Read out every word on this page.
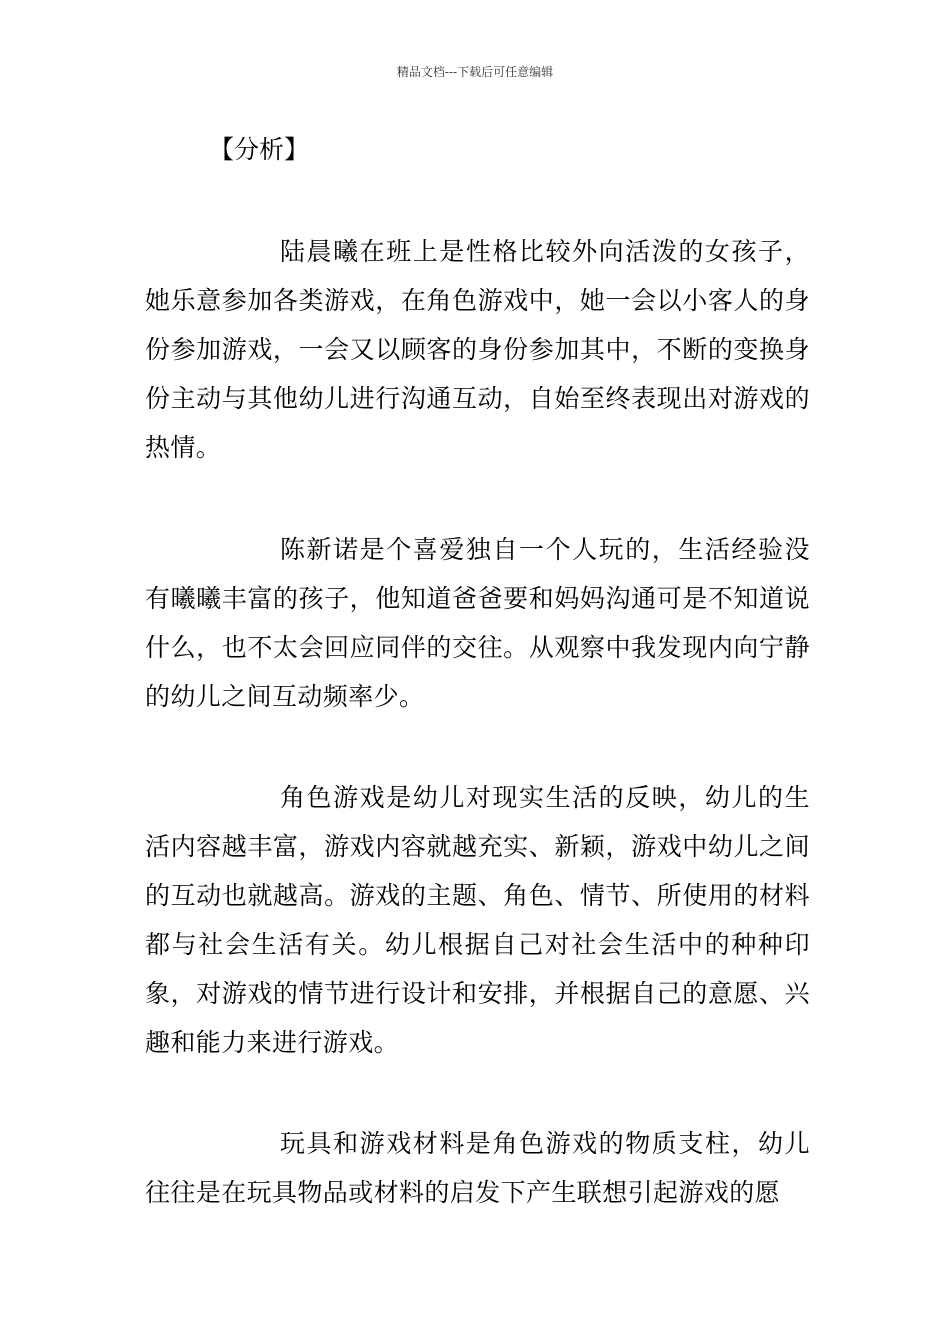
精品文档---下载后可任意编辑
【分析】

陆晨曦在班上是性格比较外向活泼的女孩子，她乐意参加各类游戏，在角色游戏中，她一会以小客人的身份参加游戏，一会又以顾客的身份参加其中，不断的变换身份主动与其他幼儿进行沟通互动，自始至终表现出对游戏的热情。

陈新诺是个喜爱独自一个人玩的，生活经验没有曦曦丰富的孩子，他知道爸爸要和妈妈沟通可是不知道说什么，也不太会回应同伴的交往。从观察中我发现内向宁静的幼儿之间互动频率少。

角色游戏是幼儿对现实生活的反映，幼儿的生活内容越丰富，游戏内容就越充实、新颖，游戏中幼儿之间的互动也就越高。游戏的主题、角色、情节、所使用的材料都与社会生活有关。幼儿根据自己对社会生活中的种种印象，对游戏的情节进行设计和安排，并根据自己的意愿、兴趣和能力来进行游戏。

玩具和游戏材料是角色游戏的物质支柱，幼儿往往是在玩具物品或材料的启发下产生联想引起游戏的愿
